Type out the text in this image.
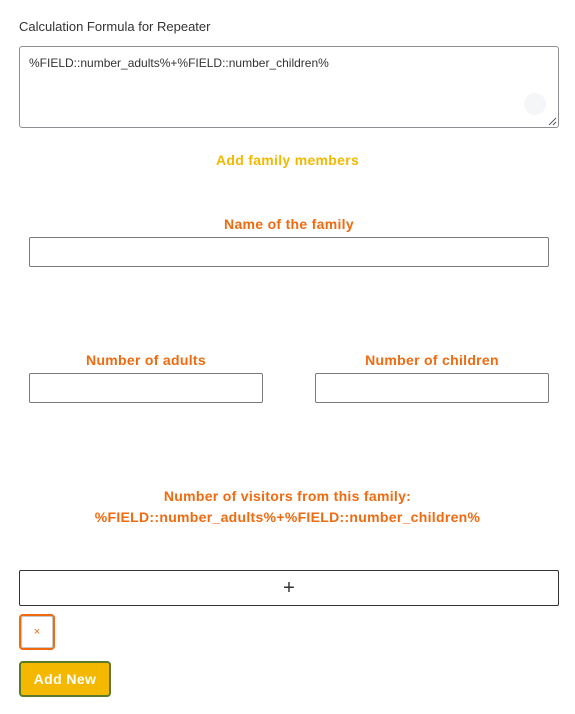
Calculation Formula for Repeater
%FIELD::number_adults%+%FIELD::number_children%
Add family members
Name of the family
Number of adults	Number of children
Number of visitors from this family:
%FIELD::number_adults%+%FIELD::number_children%
+
×
Add New
